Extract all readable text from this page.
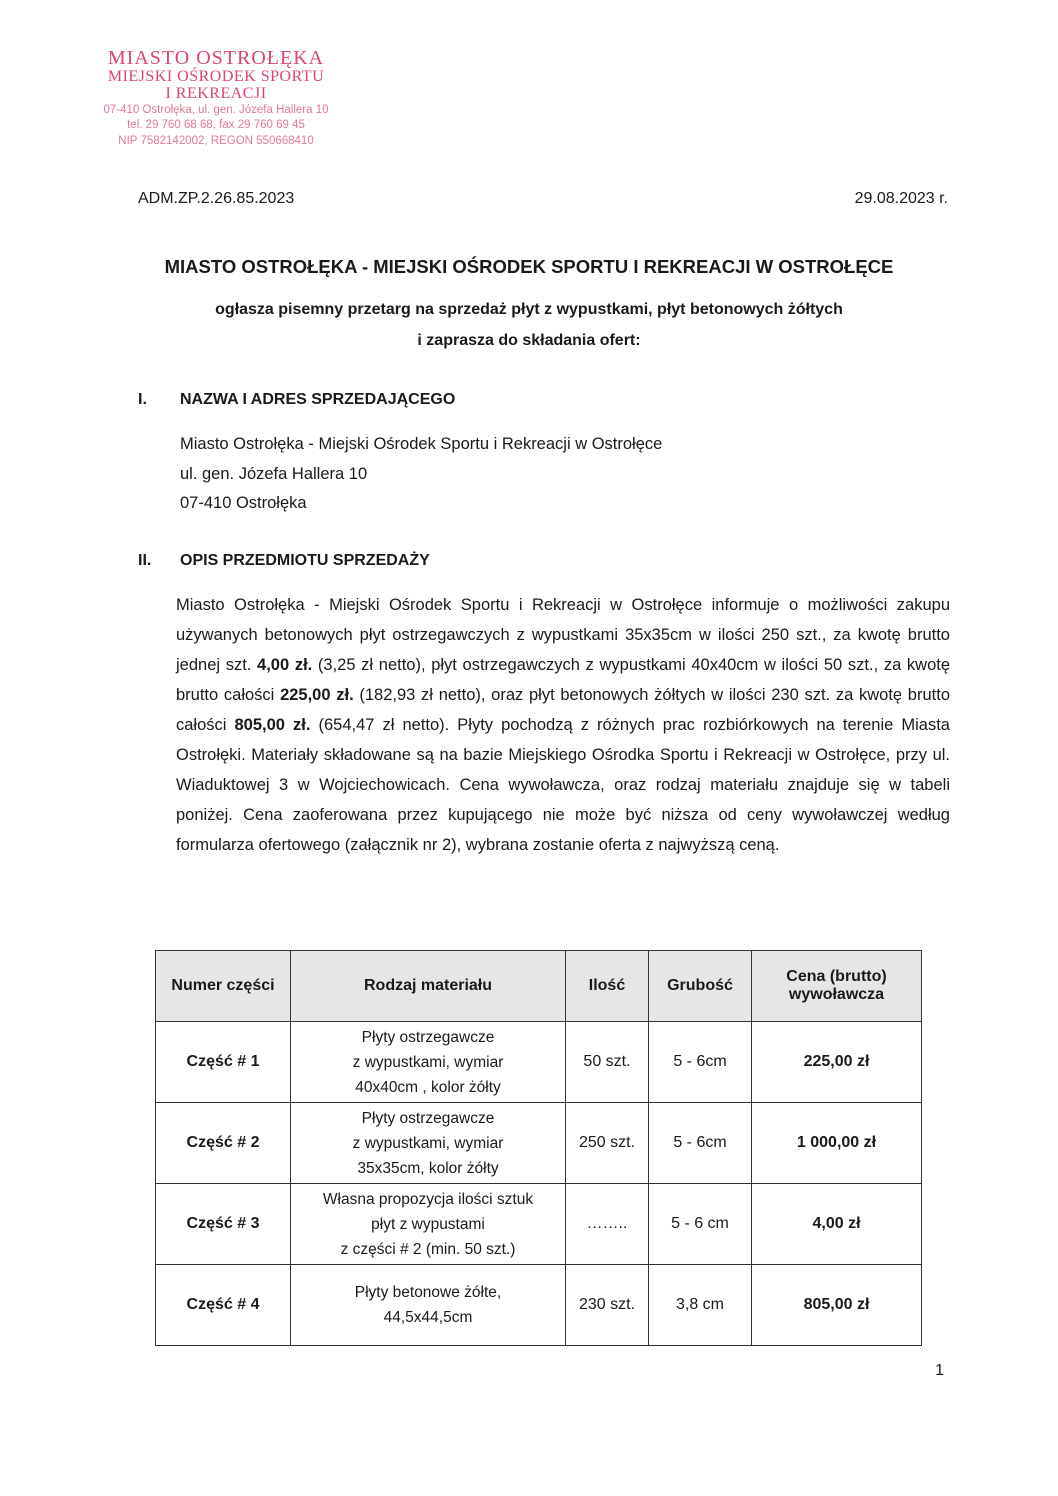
MIASTO OSTROŁĘKA
MIEJSKI OŚRODEK SPORTU
I REKREACJI
07-410 Ostrołęka, ul. gen. Józefa Hallera 10
tel. 29 760 68 68, fax 29 760 69 45
NIP 7582142002, REGON 550668410
ADM.ZP.2.26.85.2023	29.08.2023 r.
MIASTO OSTROŁĘKA - MIEJSKI OŚRODEK SPORTU I REKREACJI W OSTROŁĘCE
ogłasza pisemny przetarg na sprzedaż płyt z wypustkami, płyt betonowych żółtych
i zaprasza do składania ofert:
I. NAZWA I ADRES SPRZEDAJĄCEGO
Miasto Ostrołęka - Miejski Ośrodek Sportu i Rekreacji w Ostrołęce
ul. gen. Józefa Hallera 10
07-410 Ostrołęka
II. OPIS PRZEDMIOTU SPRZEDAŻY
Miasto Ostrołęka - Miejski Ośrodek Sportu i Rekreacji w Ostrołęce informuje o możliwości zakupu używanych betonowych płyt ostrzegawczych z wypustkami 35x35cm w ilości 250 szt., za kwotę brutto jednej szt. 4,00 zł. (3,25 zł netto), płyt ostrzegawczych z wypustkami 40x40cm w ilości 50 szt., za kwotę brutto całości 225,00 zł. (182,93 zł netto), oraz płyt betonowych żółtych w ilości 230 szt. za kwotę brutto całości 805,00 zł. (654,47 zł netto). Płyty pochodzą z różnych prac rozbiórkowych na terenie Miasta Ostrołęki. Materiały składowane są na bazie Miejskiego Ośrodka Sportu i Rekreacji w Ostrołęce, przy ul. Wiaduktowej 3 w Wojciechowicach. Cena wywoławcza, oraz rodzaj materiału znajduje się w tabeli poniżej. Cena zaoferowana przez kupującego nie może być niższa od ceny wywoławczej według formularza ofertowego (załącznik nr 2), wybrana zostanie oferta z najwyższą ceną.
Numer części	Rodzaj materiału	Ilość	Grubość	Cena (brutto) wywoławcza
Część # 1	Płyty ostrzegawcze
z wypustkami, wymiar
40x40cm , kolor żółty	50 szt.	5 - 6cm	225,00 zł
Część # 2	Płyty ostrzegawcze
z wypustkami, wymiar
35x35cm, kolor żółty	250 szt.	5 - 6cm	1 000,00 zł
Część # 3	Własna propozycja ilości sztuk
płyt z wypustami
z części # 2 (min. 50 szt.)	……..	5 - 6 cm	4,00 zł
Część # 4	Płyty betonowe żółte,
44,5x44,5cm	230 szt.	3,8 cm	805,00 zł
1
